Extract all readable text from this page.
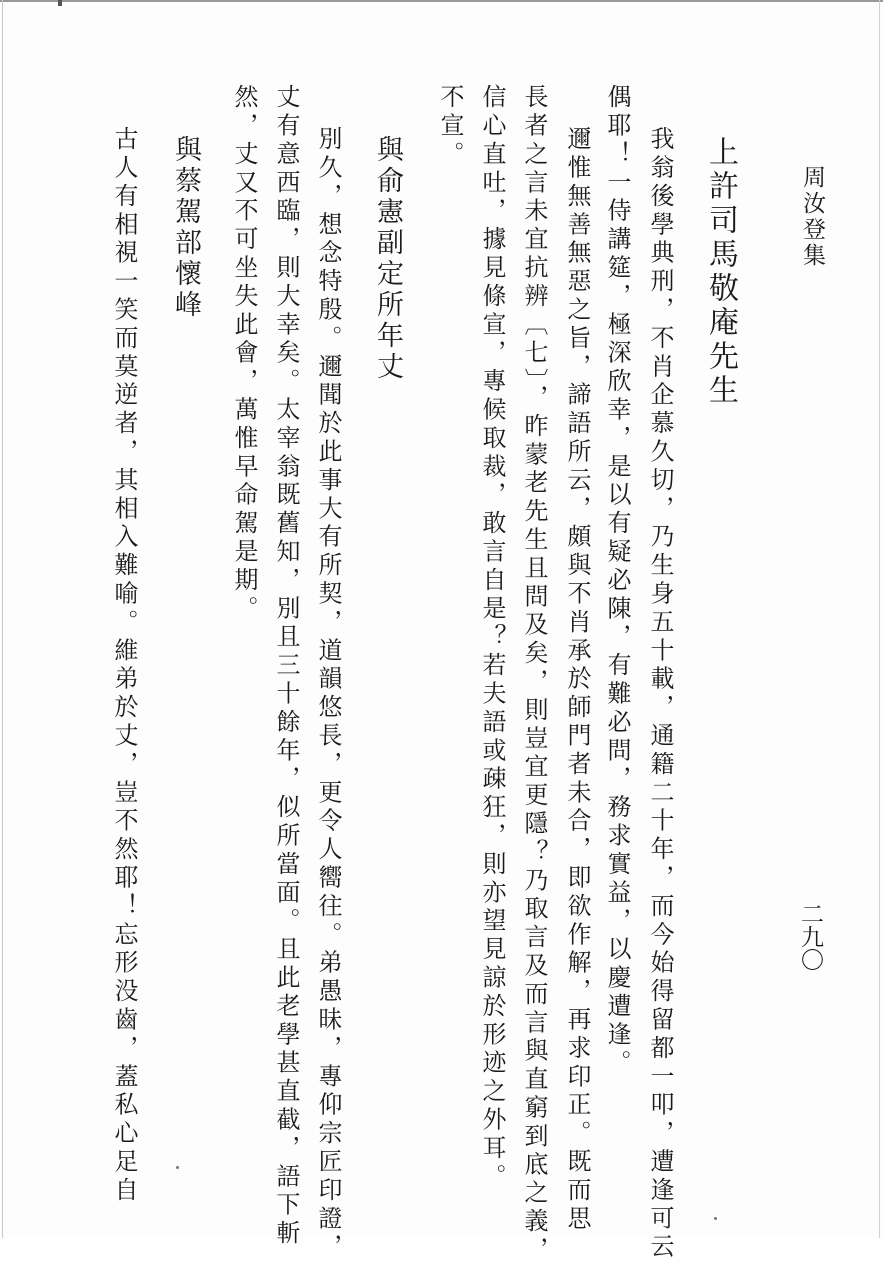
周汝登集
二九〇
上許司馬敬庵先生
我翁後學典刑，不肖企慕久切，乃生身五十載，通籍二十年，而今始得留都一叩，遭逢可云
偶耶！一侍講筵，極深欣幸，是以有疑必陳，有難必問，務求實益，以慶遭逢。
邇惟無善無惡之旨，諦語所云，頗與不肖承於師門者未合，即欲作解，再求印正。既而思
長者之言未宜抗辨〔七〕，昨蒙老先生且問及矣，則豈宜更隱？乃取言及而言與直窮到底之義，
信心直吐，據見條宣，專候取裁，敢言自是？若夫語或疎狂，則亦望見諒於形迹之外耳。
不宣。
與俞憲副定所年丈
別久，想念特殷。邇聞於此事大有所契，道韻悠長，更令人嚮往。弟愚昧，專仰宗匠印證，
丈有意西臨，則大幸矣。太宰翁既舊知，別且三十餘年，似所當面。且此老學甚直截，語下斬
然，丈又不可坐失此會，萬惟早命駕是期。
與蔡駕部懷峰
古人有相視一笑而莫逆者，其相入難喻。維弟於丈，豈不然耶！忘形没齒，蓋私心足自
